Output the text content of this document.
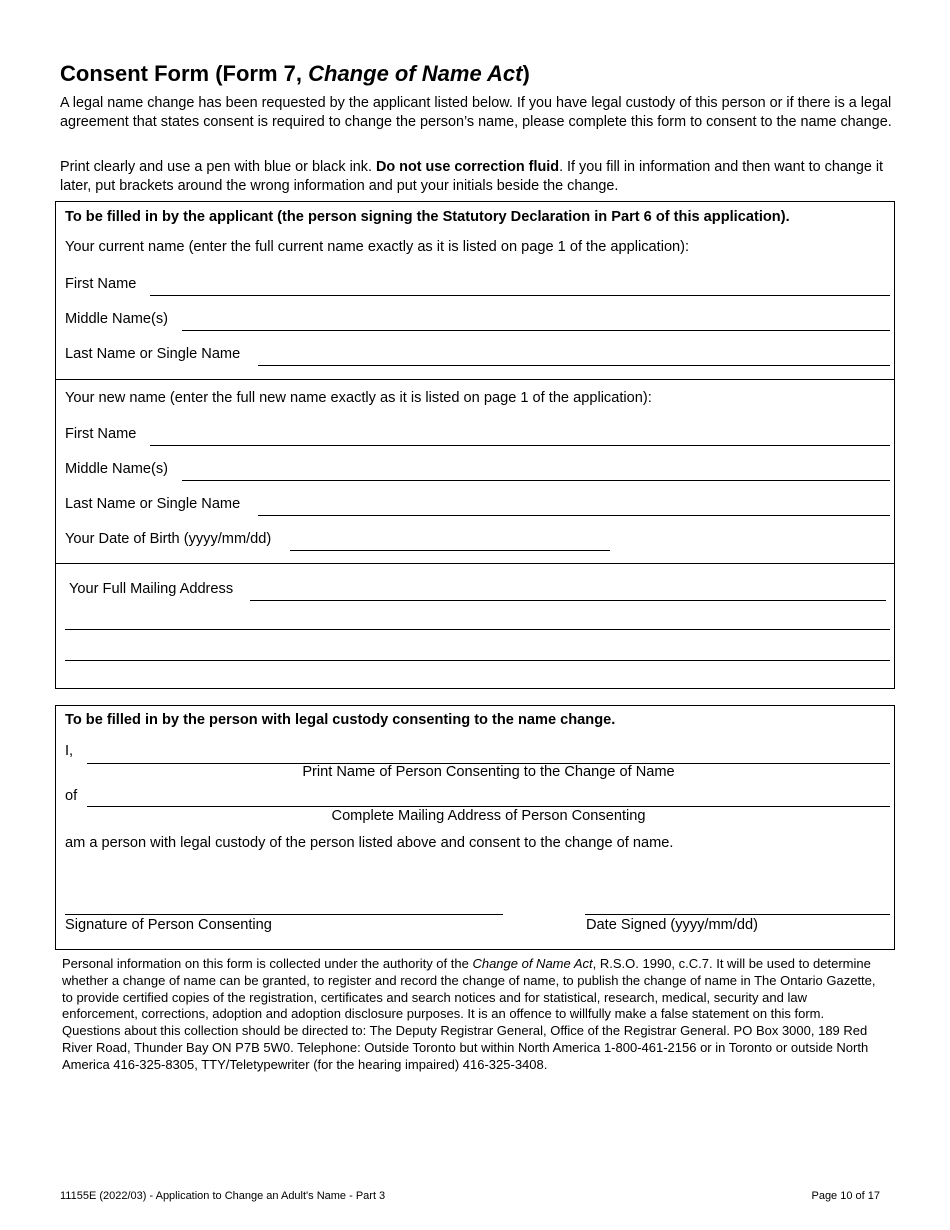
Consent Form (Form 7, Change of Name Act)
A legal name change has been requested by the applicant listed below. If you have legal custody of this person or if there is a legal agreement that states consent is required to change the person’s name, please complete this form to consent to the name change.
Print clearly and use a pen with blue or black ink. Do not use correction fluid. If you fill in information and then want to change it later, put brackets around the wrong information and put your initials beside the change.
To be filled in by the applicant (the person signing the Statutory Declaration in Part 6 of this application).
Your current name (enter the full current name exactly as it is listed on page 1 of the application):
First Name
Middle Name(s)
Last Name or Single Name
Your new name (enter the full new name exactly as it is listed on page 1 of the application):
First Name
Middle Name(s)
Last Name or Single Name
Your Date of Birth (yyyy/mm/dd)
Your Full Mailing Address
To be filled in by the person with legal custody consenting to the name change.
I,
Print Name of Person Consenting to the Change of Name
of
Complete Mailing Address of Person Consenting
am a person with legal custody of the person listed above and consent to the change of name.
Signature of Person Consenting	Date Signed (yyyy/mm/dd)
Personal information on this form is collected under the authority of the Change of Name Act, R.S.O. 1990, c.C.7. It will be used to determine whether a change of name can be granted, to register and record the change of name, to publish the change of name in The Ontario Gazette, to provide certified copies of the registration, certificates and search notices and for statistical, research, medical, security and law enforcement, corrections, adoption and adoption disclosure purposes. It is an offence to willfully make a false statement on this form. Questions about this collection should be directed to: The Deputy Registrar General, Office of the Registrar General. PO Box 3000, 189 Red River Road, Thunder Bay ON P7B 5W0. Telephone: Outside Toronto but within North America 1-800-461-2156 or in Toronto or outside North America 416-325-8305, TTY/Teletypewriter (for the hearing impaired) 416-325-3408.
11155E (2022/03) - Application to Change an Adult's Name - Part 3	Page 10 of 17
